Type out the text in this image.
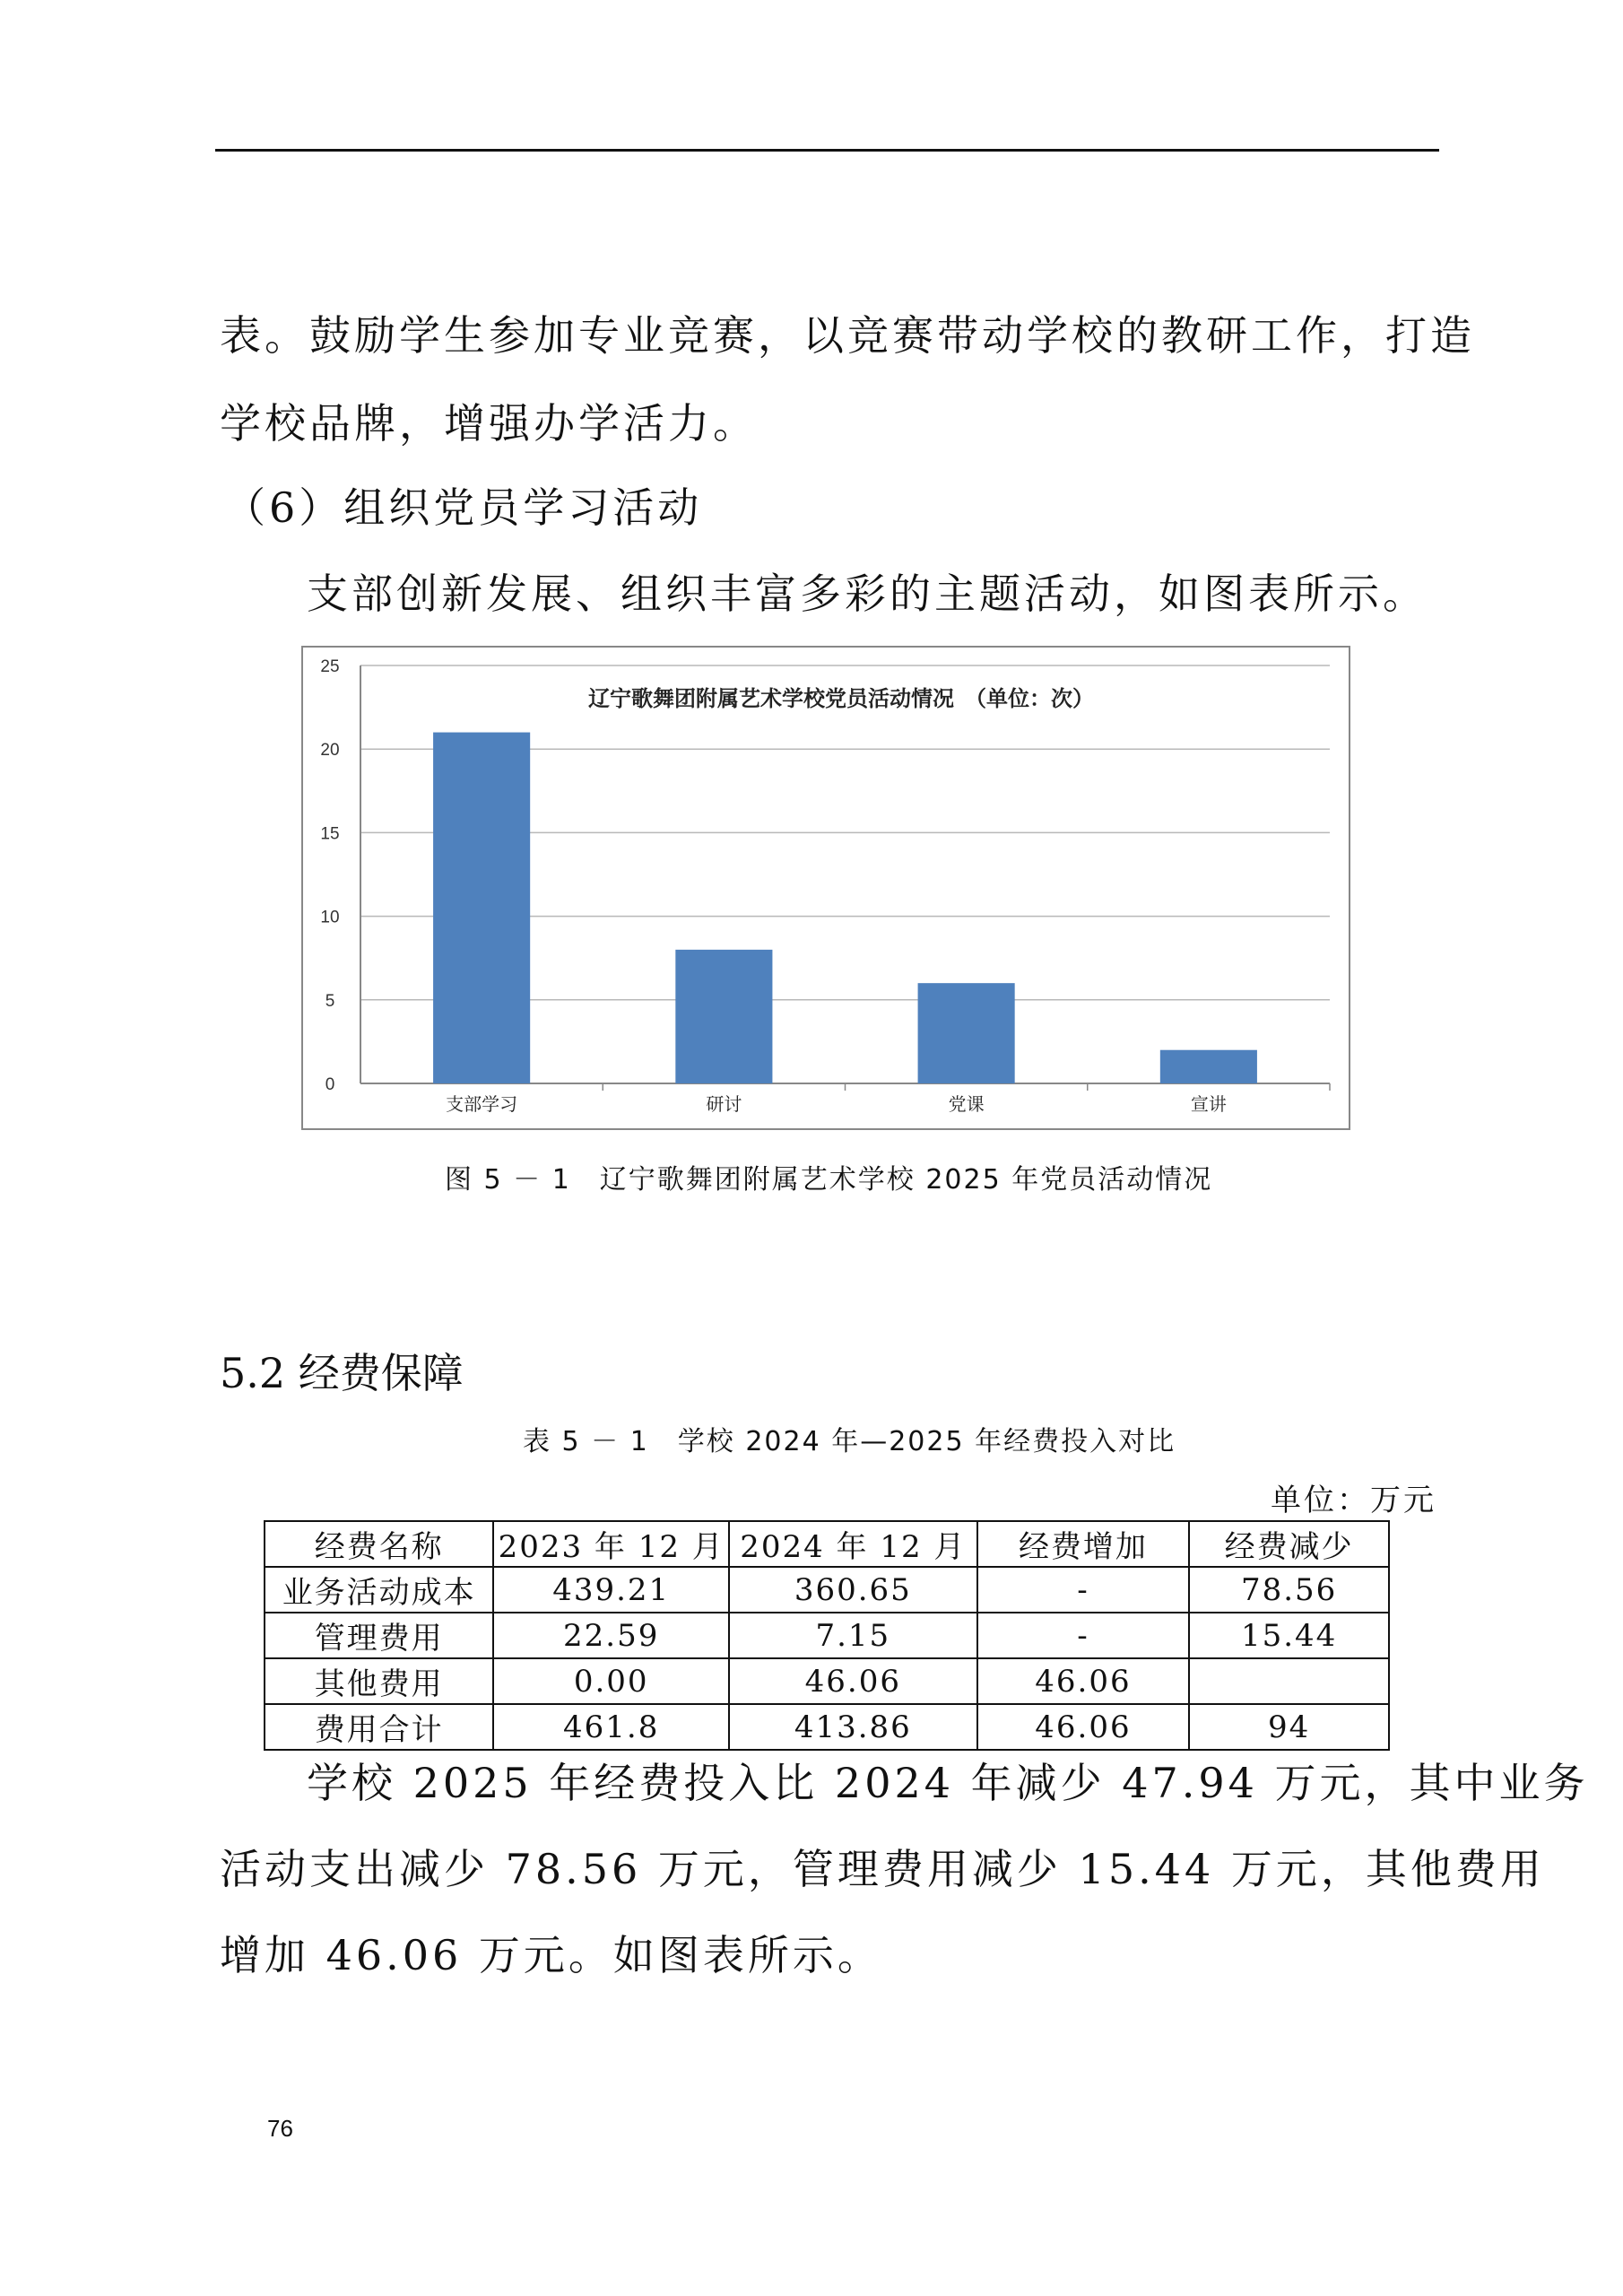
表。鼓励学生参加专业竞赛，以竞赛带动学校的教研工作，打造
学校品牌，增强办学活力。
（6）组织党员学习活动
支部创新发展、组织丰富多彩的主题活动，如图表所示。
0
5
10
15
20
25
辽宁歌舞团附属艺术学校党员活动情况　（单位：次）
支部学习	研讨	党课	宣讲
图 5 － 1　辽宁歌舞团附属艺术学校 2025 年党员活动情况
5.2 经费保障
表 5 － 1　学校 2024 年—2025 年经费投入对比
单位：万元
经费名称	2023 年 12 月	2024 年 12 月	经费增加	经费减少
业务活动成本	439.21	360.65	-	78.56
管理费用	22.59	7.15	-	15.44
其他费用	0.00	46.06	46.06	
费用合计	461.8	413.86	46.06	94
学校 2025 年经费投入比 2024 年减少 47.94 万元，其中业务
活动支出减少 78.56 万元，管理费用减少 15.44 万元，其他费用
增加 46.06 万元。如图表所示。
76
